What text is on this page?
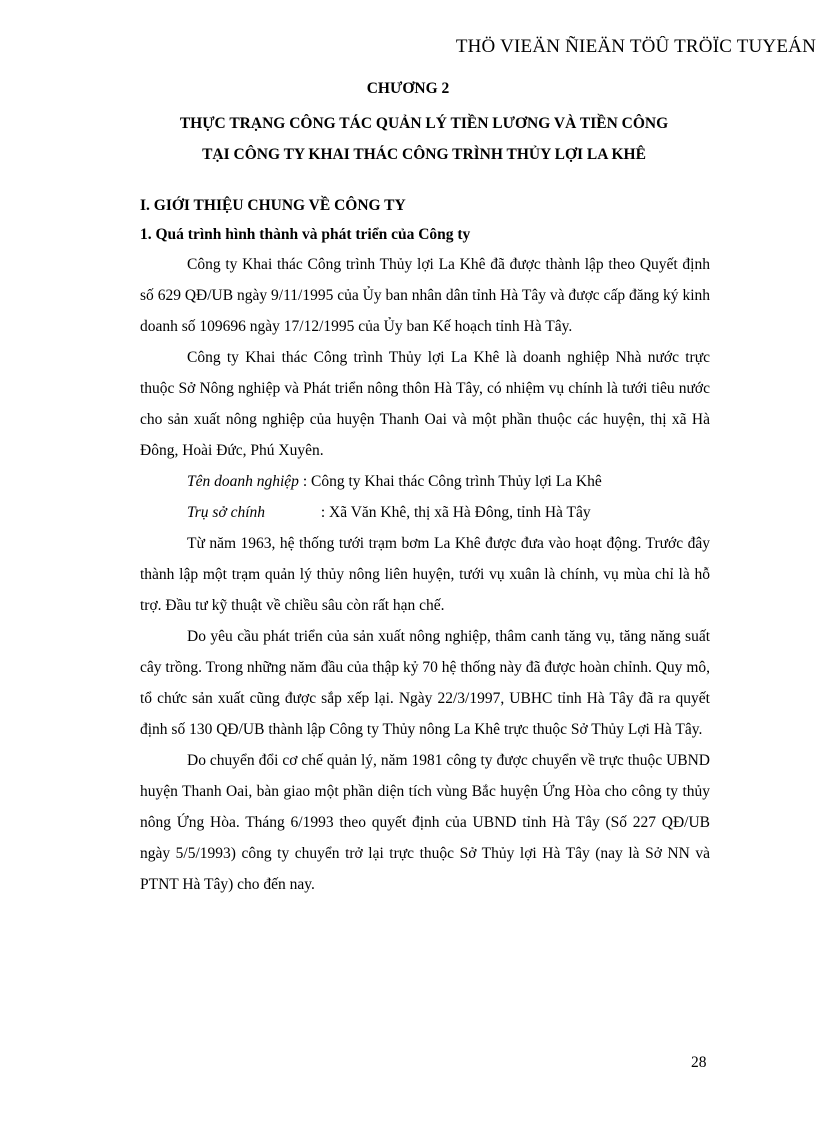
THÖ VIEÄN ÑIEÄN TÖÛ TRÖÏC TUYEÁN
CHƯƠNG 2
THỰC TRẠNG CÔNG TÁC QUẢN LÝ TIỀN LƯƠNG VÀ TIỀN CÔNG
TẠI CÔNG TY KHAI THÁC CÔNG TRÌNH THỦY LỢI LA KHÊ
I. GIỚI THIỆU CHUNG VỀ CÔNG TY
1. Quá trình hình thành và phát triển của Công ty

Công ty Khai thác Công trình Thủy lợi La Khê đã được thành lập theo Quyết định số 629 QĐ/UB ngày 9/11/1995 của Ủy ban nhân dân tỉnh Hà Tây và được cấp đăng ký kinh doanh số 109696 ngày 17/12/1995 của Ủy ban Kế hoạch tỉnh Hà Tây.

Công ty Khai thác Công trình Thủy lợi La Khê là doanh nghiệp Nhà nước trực thuộc Sở Nông nghiệp và Phát triển nông thôn Hà Tây, có nhiệm vụ chính là tưới tiêu nước cho sản xuất nông nghiệp của huyện Thanh Oai và một phần thuộc các huyện, thị xã Hà Đông, Hoài Đức, Phú Xuyên.

Tên doanh nghiệp : Công ty Khai thác Công trình Thủy lợi La Khê
Trụ sở chính	: Xã Văn Khê, thị xã Hà Đông, tỉnh Hà Tây

Từ năm 1963, hệ thống tưới trạm bơm La Khê được đưa vào hoạt động. Trước đây thành lập một trạm quản lý thủy nông liên huyện, tưới vụ xuân là chính, vụ mùa chỉ là hỗ trợ. Đầu tư kỹ thuật về chiều sâu còn rất hạn chế.

Do yêu cầu phát triển của sản xuất nông nghiệp, thâm canh tăng vụ, tăng năng suất cây trồng. Trong những năm đầu của thập kỷ 70 hệ thống này đã được hoàn chỉnh. Quy mô, tổ chức sản xuất cũng được sắp xếp lại. Ngày 22/3/1997, UBHC tỉnh Hà Tây đã ra quyết định số 130 QĐ/UB thành lập Công ty Thủy nông La Khê trực thuộc Sở Thủy Lợi Hà Tây.

Do chuyển đổi cơ chế quản lý, năm 1981 công ty được chuyển về trực thuộc UBND huyện Thanh Oai, bàn giao một phần diện tích vùng Bắc huyện Ứng Hòa cho công ty thủy nông Ứng Hòa. Tháng 6/1993 theo quyết định của UBND tỉnh Hà Tây (Số 227 QĐ/UB ngày 5/5/1993) công ty chuyển trở lại trực thuộc Sở Thủy lợi Hà Tây (nay là Sở NN và PTNT Hà Tây) cho đến nay.

28
